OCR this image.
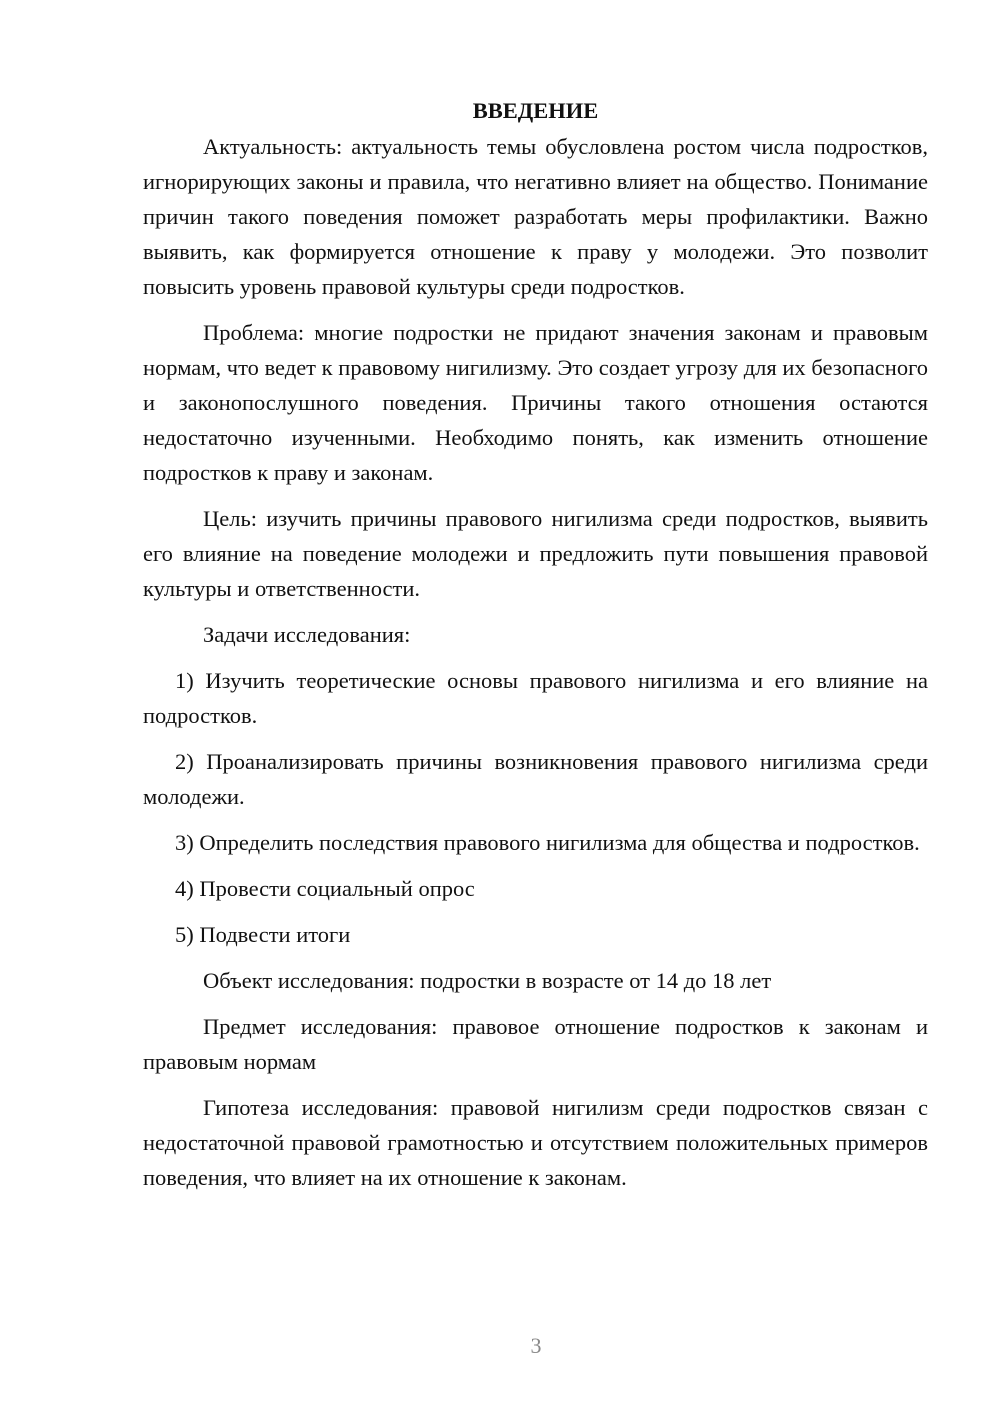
ВВЕДЕНИЕ

Актуальность: актуальность темы обусловлена ростом числа подростков, игнорирующих законы и правила, что негативно влияет на общество. Понимание причин такого поведения поможет разработать меры профилактики. Важно выявить, как формируется отношение к праву у молодежи. Это позволит повысить уровень правовой культуры среди подростков.

Проблема: многие подростки не придают значения законам и правовым нормам, что ведет к правовому нигилизму. Это создает угрозу для их безопасного и законопослушного поведения. Причины такого отношения остаются недостаточно изученными. Необходимо понять, как изменить отношение подростков к праву и законам.

Цель: изучить причины правового нигилизма среди подростков, выявить его влияние на поведение молодежи и предложить пути повышения правовой культуры и ответственности.

Задачи исследования:

1) Изучить теоретические основы правового нигилизма и его влияние на подростков.

2) Проанализировать причины возникновения правового нигилизма среди молодежи.

3) Определить последствия правового нигилизма для общества и подростков.

4) Провести социальный опрос

5) Подвести итоги

Объект исследования: подростки в возрасте от 14 до 18 лет

Предмет исследования: правовое отношение подростков к законам и правовым нормам

Гипотеза исследования: правовой нигилизм среди подростков связан с недостаточной правовой грамотностью и отсутствием положительных примеров поведения, что влияет на их отношение к законам.

3
